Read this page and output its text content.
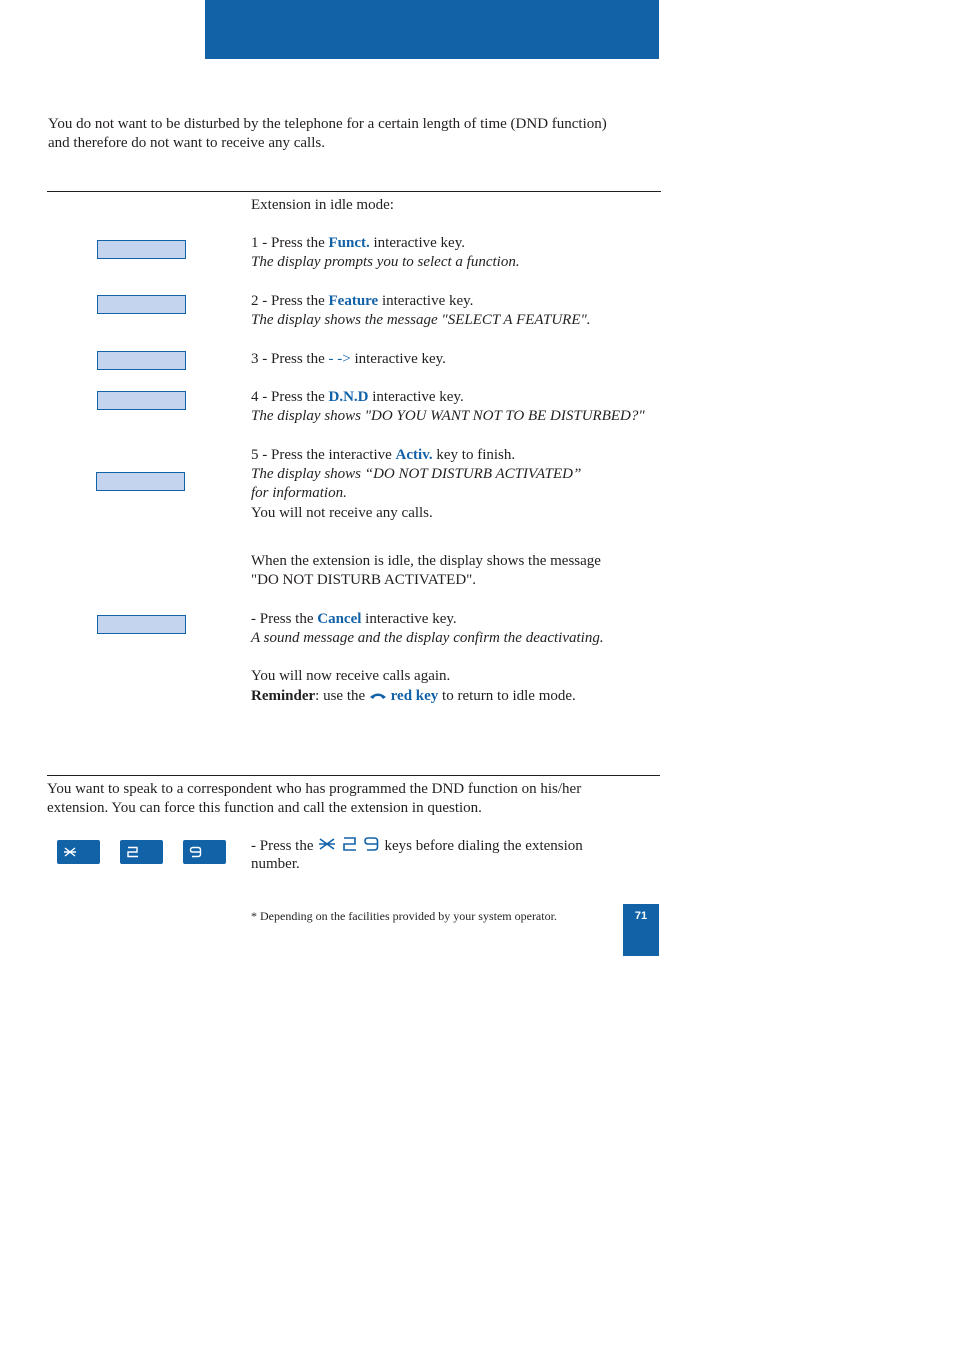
You do not want to be disturbed by the telephone for a certain length of time (DND function)

and therefore do not want to receive any calls.

Extension in idle mode:

1 - Press the Funct. interactive key.

The display prompts you to select a function.

2 - Press the Feature interactive key.

The display shows the message "SELECT A FEATURE".

3 - Press the - -> interactive key.

4 - Press the D.N.D interactive key.

The display shows "DO YOU WANT NOT TO BE DISTURBED?"

5 - Press the interactive Activ. key to finish.

The display shows “DO NOT DISTURB ACTIVATED”

for information.

You will not receive any calls.

When the extension is idle, the display shows the message

"DO NOT DISTURB ACTIVATED".

- Press the Cancel interactive key.

A sound message and the display confirm the deactivating.

You will now receive calls again.

Reminder: use the  red key to return to idle mode.

You want to speak to a correspondent who has programmed the DND function on his/her

extension. You can force this function and call the extension in question.

- Press the	keys before dialing the extension

number.

* Depending on the facilities provided by your system operator.	71
